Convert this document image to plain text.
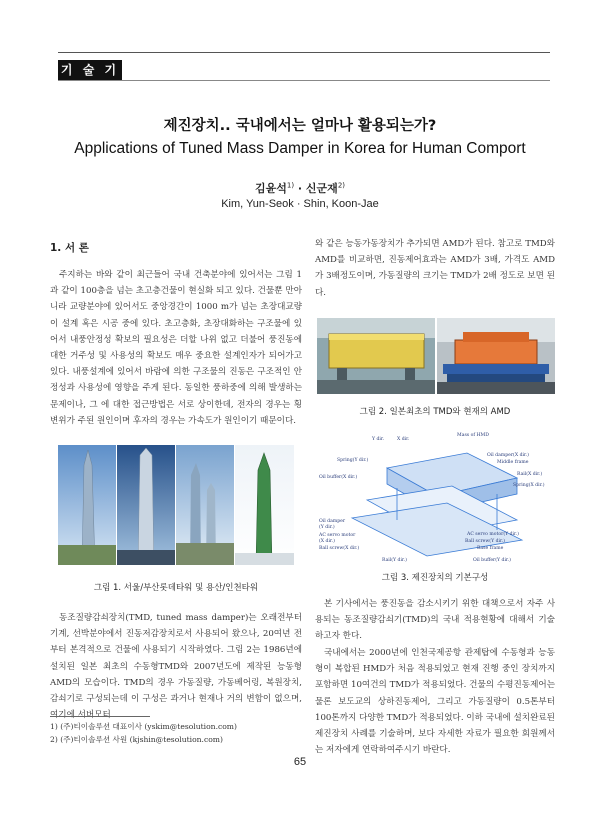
기 술 기 사
제진장치.. 국내에서는 얼마나 활용되는가?
Applications of Tuned Mass Damper in Korea for Human Comport
김윤석$^{1)}$ · 신군재$^{2)}$
Kim, Yun-Seok · Shin, Koon-Jae
1. 서 론
주지하는 바와 같이 최근들어 국내 건축분야에 있어서는 그림 1과 같이 100층을 넘는 초고층건물이 현실화 되고 있다. 건물뿐 만아니라 교량분야에 있어서도 중앙경간이 1000 m가 넘는 초장대교량이 설계 혹은 시공 중에 있다. 초고층화, 초장대화하는 구조물에 있어서 내풍안정성 확보의 필요성은 더할 나위 없고 더불어 풍진동에 대한 거주성 및 사용성의 확보도 매우 중요한 설계인자가 되어가고 있다. 내풍설계에 있어서 바람에 의한 구조물의 진동은 구조적인 안정성과 사용성에 영향을 주게 된다. 동일한 풍하중에 의해 발생하는 문제이나, 그 에 대한 접근방법은 서로 상이한데, 전자의 경우는 횡변위가 주된 원인이며 후자의 경우는 가속도가 원인이기 때문이다.
그림 1. 서울/부산롯데타워 및 용산/인천타워
동조질량감쇠장치(TMD, tuned mass damper)는 오래전부터 기계, 선박분야에서 진동저감장치로서 사용되어 왔으나, 20여년 전부터 본격적으로 건물에 사용되기 시작하였다. 그림 2는 1986년에 설치된 일본 최초의 수동형TMD와 2007년도에 제작된 능동형AMD의 모습이다. TMD의 경우 가동질량, 가동베어링, 복원장치, 감쇠기로 구성되는데 이 구성은 과거나 현재나 거의 변함이 없으며,
1) (주)티이솔루션 대표이사 (yskim@tesolution.com)
2) (주)티이솔루션 사원 (kjshin@tesolution.com)
와 같은 능동가동장치가 추가되면 AMD가 된다. 참고로 TMD와 AMD를 비교하면, 진동제어효과는 AMD가 3배, 가격도 AMD가 3배정도이며, 가동질량의 크기는 TMD가 2배 정도로 보면 된다.
그림 2. 일본최초의 TMD와 현재의 AMD
Y dir.	X dir.
Mass of HMD
Spring(Y dir.)
Oil buffer(X dir.)
Oil damper(X dir.)
Middle frame
Rail(X dir.)
Spring(X dir.)
Oil damper
(Y dir.)
AC servo motor
(X dir.)
Ball screw(X dir.)
Rail(Y dir.)
AC servo motor(Y dir.)
Ball screw(Y dir.)
Base frame
Oil buffer(Y dir.)
그림 3. 제진장치의 기본구성
본 기사에서는 풍진동을 감소시키기 위한 대책으로서 자주 사용되는 동조질량감쇠기(TMD)의 국내 적용현황에 대해서 기술하고자 한다.
국내에서는 2000년에 인천국제공항 관제탑에 수동형과 능동형이 복합된 HMD가 처음 적용되었고 현재 진행 중인 장치까지 포함하면 10여건의 TMD가 적용되었다. 건물의 수평진동제어는 물론 보도교의 상하진동제어, 그리고 가동질량이 0.5톤부터 100톤까지 다양한 TMD가 적용되었다. 이하 국내에 설치완료된 제진장치 사례를 기술하며, 보다 자세한 자료가 필요한 회원께서는 저자에게 연락하여주시기 바란다.
65
